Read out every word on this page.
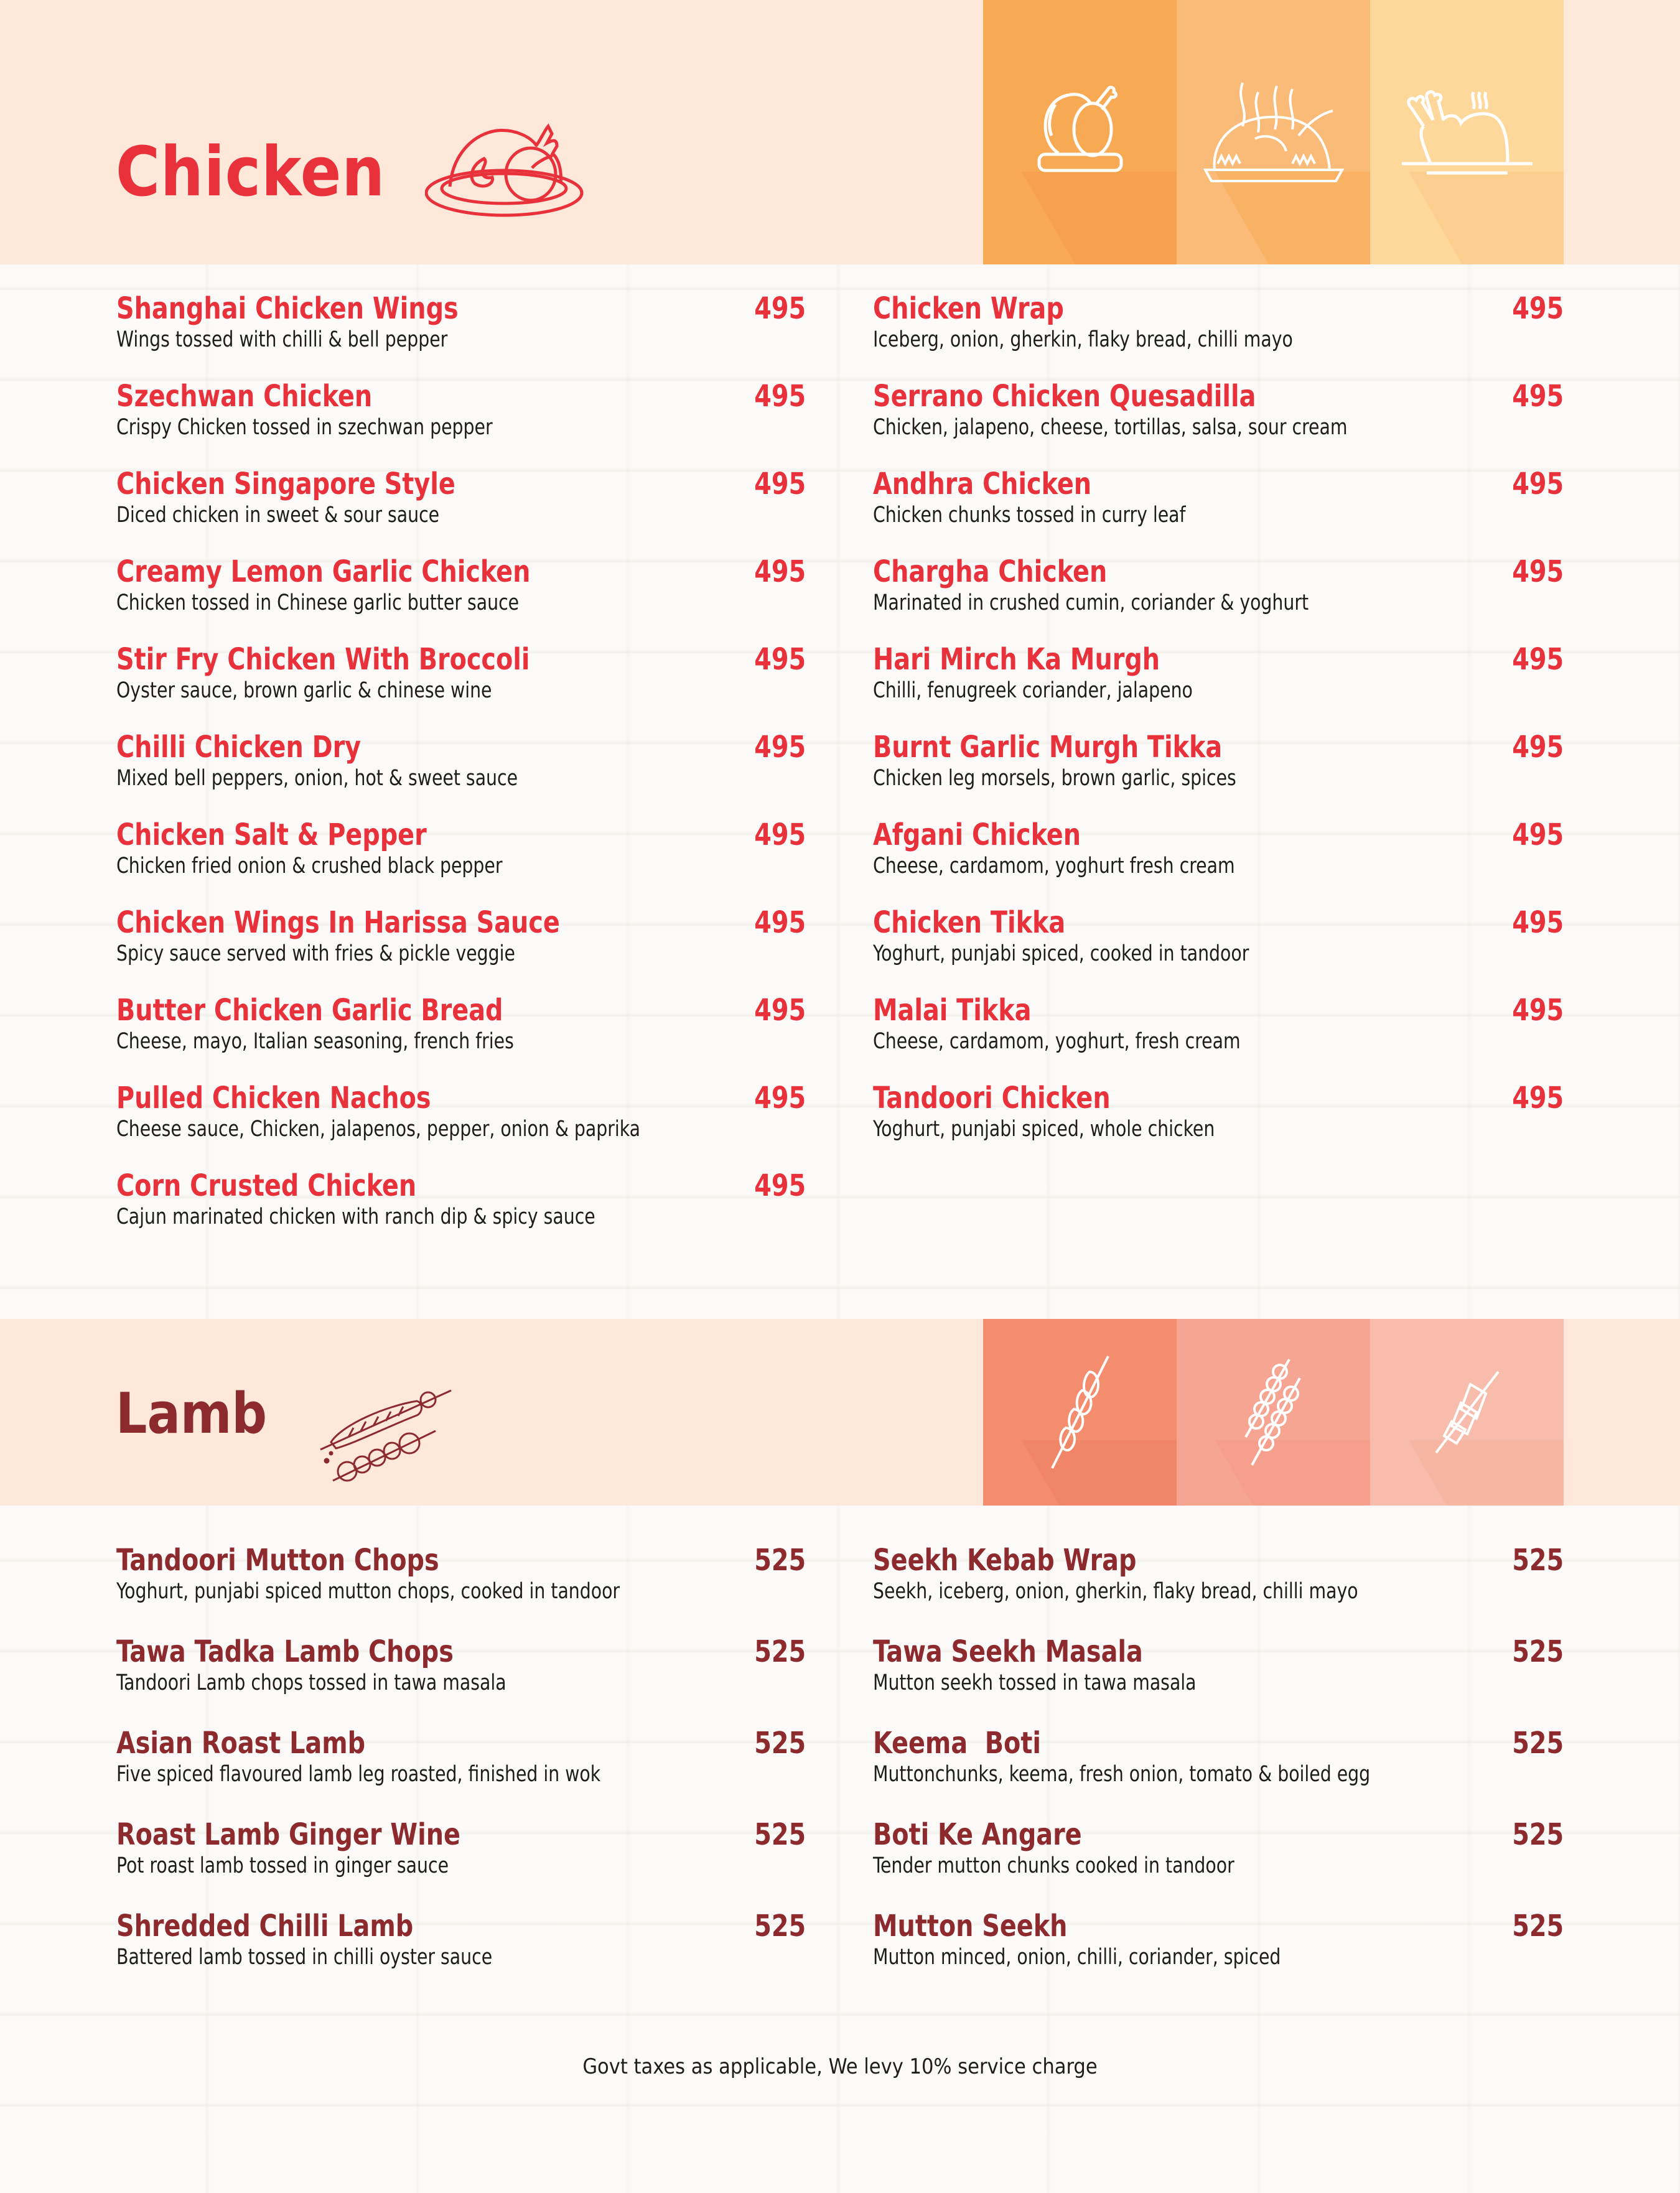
Chicken
Shanghai Chicken Wings	495
Wings tossed with chilli & bell pepper
Szechwan Chicken	495
Crispy Chicken tossed in szechwan pepper
Chicken Singapore Style	495
Diced chicken in sweet & sour sauce
Creamy Lemon Garlic Chicken	495
Chicken tossed in Chinese garlic butter sauce
Stir Fry Chicken With Broccoli	495
Oyster sauce, brown garlic & chinese wine
Chilli Chicken Dry	495
Mixed bell peppers, onion, hot & sweet sauce
Chicken Salt & Pepper	495
Chicken fried onion & crushed black pepper
Chicken Wings In Harissa Sauce	495
Spicy sauce served with fries & pickle veggie
Butter Chicken Garlic Bread	495
Cheese, mayo, Italian seasoning, french fries
Pulled Chicken Nachos	495
Cheese sauce, Chicken, jalapenos, pepper, onion & paprika
Corn Crusted Chicken	495
Cajun marinated chicken with ranch dip & spicy sauce
Chicken Wrap	495
Iceberg, onion, gherkin, flaky bread, chilli mayo
Serrano Chicken Quesadilla	495
Chicken, jalapeno, cheese, tortillas, salsa, sour cream
Andhra Chicken	495
Chicken chunks tossed in curry leaf
Chargha Chicken	495
Marinated in crushed cumin, coriander & yoghurt
Hari Mirch Ka Murgh	495
Chilli, fenugreek coriander, jalapeno
Burnt Garlic Murgh Tikka	495
Chicken leg morsels, brown garlic, spices
Afgani Chicken	495
Cheese, cardamom, yoghurt fresh cream
Chicken Tikka	495
Yoghurt, punjabi spiced, cooked in tandoor
Malai Tikka	495
Cheese, cardamom, yoghurt, fresh cream
Tandoori Chicken	495
Yoghurt, punjabi spiced, whole chicken
Lamb
Tandoori Mutton Chops	525
Yoghurt, punjabi spiced mutton chops, cooked in tandoor
Tawa Tadka Lamb Chops	525
Tandoori Lamb chops tossed in tawa masala
Asian Roast Lamb	525
Five spiced flavoured lamb leg roasted, finished in wok
Roast Lamb Ginger Wine	525
Pot roast lamb tossed in ginger sauce
Shredded Chilli Lamb	525
Battered lamb tossed in chilli oyster sauce
Seekh Kebab Wrap	525
Seekh, iceberg, onion, gherkin, flaky bread, chilli mayo
Tawa Seekh Masala	525
Mutton seekh tossed in tawa masala
Keema  Boti	525
Muttonchunks, keema, fresh onion, tomato & boiled egg
Boti Ke Angare	525
Tender mutton chunks cooked in tandoor
Mutton Seekh	525
Mutton minced, onion, chilli, coriander, spiced
Govt taxes as applicable, We levy 10% service charge
